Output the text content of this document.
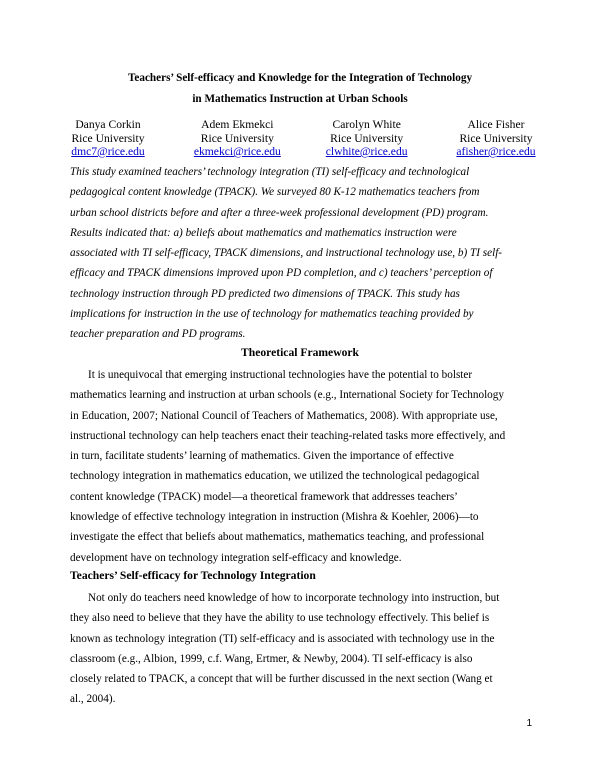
Teachers’ Self-efficacy and Knowledge for the Integration of Technology
in Mathematics Instruction at Urban Schools
Danya Corkin
Rice University
dmc7@rice.edu
Adem Ekmekci
Rice University
ekmekci@rice.edu
Carolyn White
Rice University
clwhite@rice.edu
Alice Fisher
Rice University
afisher@rice.edu
This study examined teachers’ technology integration (TI) self-efficacy and technological
pedagogical content knowledge (TPACK). We surveyed 80 K-12 mathematics teachers from
urban school districts before and after a three-week professional development (PD) program.
Results indicated that: a) beliefs about mathematics and mathematics instruction were
associated with TI self-efficacy, TPACK dimensions, and instructional technology use, b) TI self-
efficacy and TPACK dimensions improved upon PD completion, and c) teachers’ perception of
technology instruction through PD predicted two dimensions of TPACK. This study has
implications for instruction in the use of technology for mathematics teaching provided by
teacher preparation and PD programs.
Theoretical Framework
It is unequivocal that emerging instructional technologies have the potential to bolster
mathematics learning and instruction at urban schools (e.g., International Society for Technology
in Education, 2007; National Council of Teachers of Mathematics, 2008). With appropriate use,
instructional technology can help teachers enact their teaching-related tasks more effectively, and
in turn, facilitate students’ learning of mathematics. Given the importance of effective
technology integration in mathematics education, we utilized the technological pedagogical
content knowledge (TPACK) model—a theoretical framework that addresses teachers’
knowledge of effective technology integration in instruction (Mishra & Koehler, 2006)—to
investigate the effect that beliefs about mathematics, mathematics teaching, and professional
development have on technology integration self-efficacy and knowledge.
Teachers’ Self-efficacy for Technology Integration
Not only do teachers need knowledge of how to incorporate technology into instruction, but
they also need to believe that they have the ability to use technology effectively. This belief is
known as technology integration (TI) self-efficacy and is associated with technology use in the
classroom (e.g., Albion, 1999, c.f. Wang, Ertmer, & Newby, 2004). TI self-efficacy is also
closely related to TPACK, a concept that will be further discussed in the next section (Wang et
al., 2004).
1
